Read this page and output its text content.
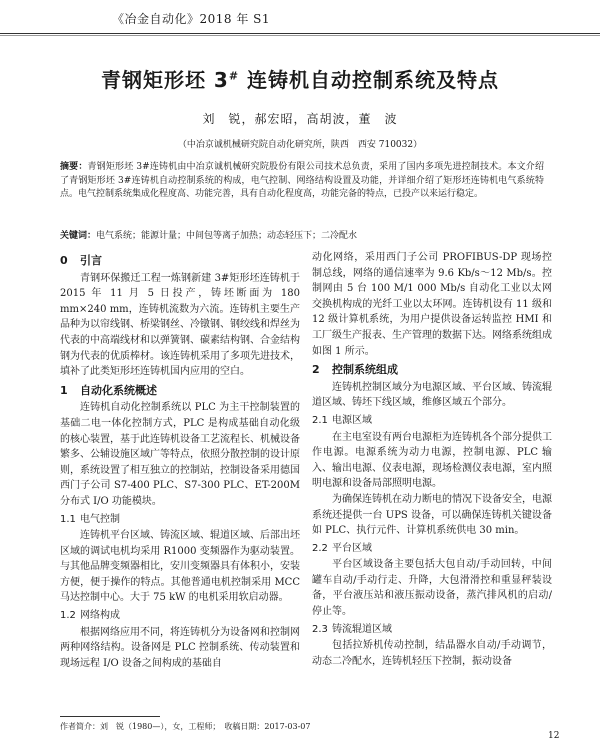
《冶金自动化》2018 年 S1
青钢矩形坯 3# 连铸机自动控制系统及特点
刘　锐，郝宏昭，高胡波，董　波
（中冶京诚机械研究院自动化研究所，陕西　西安 710032）
摘要：青钢矩形坯 3#连铸机由中冶京诚机械研究院股份有限公司技术总负责，采用了国内多项先进控制技术。本文介绍了青钢矩形坯 3#连铸机自动控制系统的构成，电气控制、网络结构设置及功能，并详细介绍了矩形坯连铸机电气系统特点。电气控制系统集成化程度高、功能完善，具有自动化程度高，功能完备的特点，已投产以来运行稳定。
关键词：电气系统；能源计量；中间包等离子加热；动态轻压下；二冷配水
0 引言

青钢环保搬迁工程一炼钢新建 3#矩形坯连铸机于 2015 年 11 月 5 日投产，铸坯断面为 180 mm×240 mm，连铸机流数为六流。连铸机主要生产品种为以帘线钢、桥梁钢丝、冷镦钢、钢绞线和焊丝为代表的中高端线材和以弹簧钢、碳素结构钢、合金结构钢为代表的优质棒材。该连铸机采用了多项先进技术，填补了此类矩形坯连铸机国内应用的空白。

1 自动化系统概述

连铸机自动化控制系统以 PLC 为主干控制装置的基础二电一体化控制方式，PLC 是构成基础自动化级的核心装置，基于此连铸机设备工艺流程长、机械设备繁多、公辅设施区域广等特点，依照分散控制的设计原则，系统设置了相互独立的控制站，控制设备采用德国西门子公司 S7-400 PLC、S7-300 PLC、ET-200M 分布式 I/O 功能模块。

1.1 电气控制

连铸机平台区域、铸流区域、辊道区域、后部出坯区域的调试电机均采用 R1000 变频器作为驱动装置。与其他品牌变频器相比，安川变频器具有体积小，安装方便，便于操作的特点。其他普通电机控制采用 MCC 马达控制中心。大于 75 kW 的电机采用软启动器。

1.2 网络构成

根据网络应用不同，将连铸机分为设备网和控制网两种网络结构。设备网是 PLC 控制系统、传动装置和现场远程 I/O 设备之间构成的基础自

动化网络，采用西门子公司 PROFIBUS-DP 现场控制总线，网络的通信速率为 9.6 Kb/s～12 Mb/s。控制网由 5 台 100 M/1 000 Mb/s 自动化工业以太网交换机构成的光纤工业以太环网。连铸机设有 11 级和 12 级计算机系统，为用户提供设备运转监控 HMI 和工厂级生产报表、生产管理的数据下达。网络系统组成如图 1 所示。

2 控制系统组成

连铸机控制区域分为电源区域、平台区域、铸流辊道区域、铸坯下线区域，维修区域五个部分。

2.1 电源区域

在主电室设有两台电源柜为连铸机各个部分提供工作电源。电源系统为动力电源，控制电源、PLC 输入、输出电源、仪表电源，现场检测仪表电源，室内照明电源和设备局部照明电源。

为确保连铸机在动力断电的情况下设备安全，电源系统还提供一台 UPS 设备，可以确保连铸机关键设备如 PLC、执行元件、计算机系统供电 30 min。

2.2 平台区域

平台区域设备主要包括大包自动/手动回转，中间罐车自动/手动行走、升降，大包滑滑控和重显秤装设备，平台液压站和液压振动设备，蒸汽排风机的启动/停止等。

2.3 铸流辊道区域

包括拉矫机传动控制，结晶器水自动/手动调节，动态二冷配水，连铸机轻压下控制，振动设备

作者简介：刘　锐（1980—），女，工程师；　收稿日期：2017-03-07
12
